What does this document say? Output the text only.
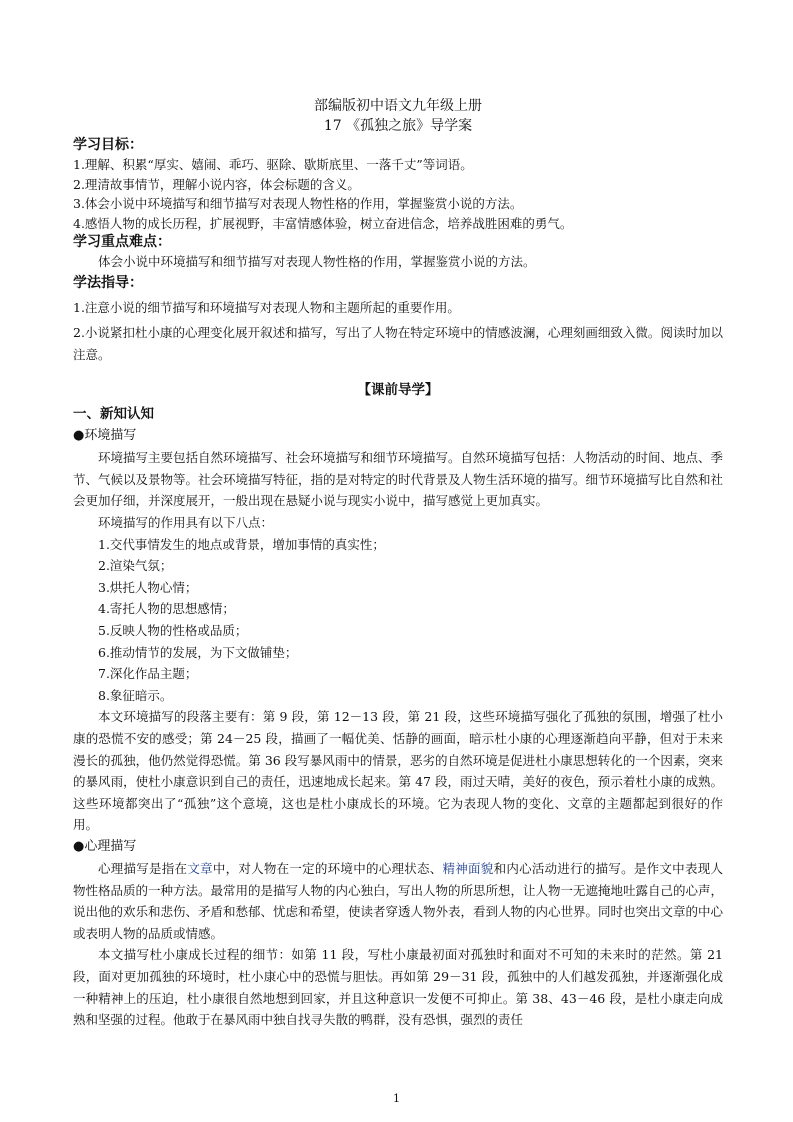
部编版初中语文九年级上册
17 《孤独之旅》导学案
学习目标：
1.理解、积累“厚实、嬉闹、乖巧、驱除、歇斯底里、一落千丈”等词语。
2.理清故事情节，理解小说内容，体会标题的含义。
3.体会小说中环境描写和细节描写对表现人物性格的作用，掌握鉴赏小说的方法。
4.感悟人物的成长历程，扩展视野，丰富情感体验，树立奋进信念，培养战胜困难的勇气。
学习重点难点：
体会小说中环境描写和细节描写对表现人物性格的作用，掌握鉴赏小说的方法。
学法指导：
1.注意小说的细节描写和环境描写对表现人物和主题所起的重要作用。
2.小说紧扣杜小康的心理变化展开叙述和描写，写出了人物在特定环境中的情感波澜，心理刻画细致入微。阅读时加以注意。
【课前导学】
一、新知认知
●环境描写
环境描写主要包括自然环境描写、社会环境描写和细节环境描写。自然环境描写包括：人物活动的时间、地点、季节、气候以及景物等。社会环境描写特征，指的是对特定的时代背景及人物生活环境的描写。细节环境描写比自然和社会更加仔细，并深度展开，一般出现在悬疑小说与现实小说中，描写感觉上更加真实。
环境描写的作用具有以下八点：
1.交代事情发生的地点或背景，增加事情的真实性；
2.渲染气氛；
3.烘托人物心情；
4.寄托人物的思想感情；
5.反映人物的性格或品质；
6.推动情节的发展，为下文做铺垫；
7.深化作品主题；
8.象征暗示。
本文环境描写的段落主要有：第 9 段，第 12－13 段，第 21 段，这些环境描写强化了孤独的氛围，增强了杜小康的恐慌不安的感受；第 24－25 段，描画了一幅优美、恬静的画面，暗示杜小康的心理逐渐趋向平静，但对于未来漫长的孤独，他仍然觉得恐慌。第 36 段写暴风雨中的情景，恶劣的自然环境是促进杜小康思想转化的一个因素，突来的暴风雨，使杜小康意识到自己的责任，迅速地成长起来。第 47 段，雨过天晴，美好的夜色，预示着杜小康的成熟。这些环境都突出了“孤独”这个意境，这也是杜小康成长的环境。它为表现人物的变化、文章的主题都起到很好的作用。
●心理描写
心理描写是指在文章中，对人物在一定的环境中的心理状态、精神面貌和内心活动进行的描写。是作文中表现人物性格品质的一种方法。最常用的是描写人物的内心独白，写出人物的所思所想，让人物一无遮掩地吐露自己的心声，说出他的欢乐和悲伤、矛盾和愁郁、忧虑和希望，使读者穿透人物外表，看到人物的内心世界。同时也突出文章的中心或表明人物的品质或情感。
本文描写杜小康成长过程的细节：如第 11 段，写杜小康最初面对孤独时和面对不可知的未来时的茫然。第 21 段，面对更加孤独的环境时，杜小康心中的恐慌与胆怯。再如第 29－31 段，孤独中的人们越发孤独，并逐渐强化成一种精神上的压迫，杜小康很自然地想到回家，并且这种意识一发便不可抑止。第 38、43－46 段，是杜小康走向成熟和坚强的过程。他敢于在暴风雨中独自找寻失散的鸭群，没有恐惧，强烈的责任
1
